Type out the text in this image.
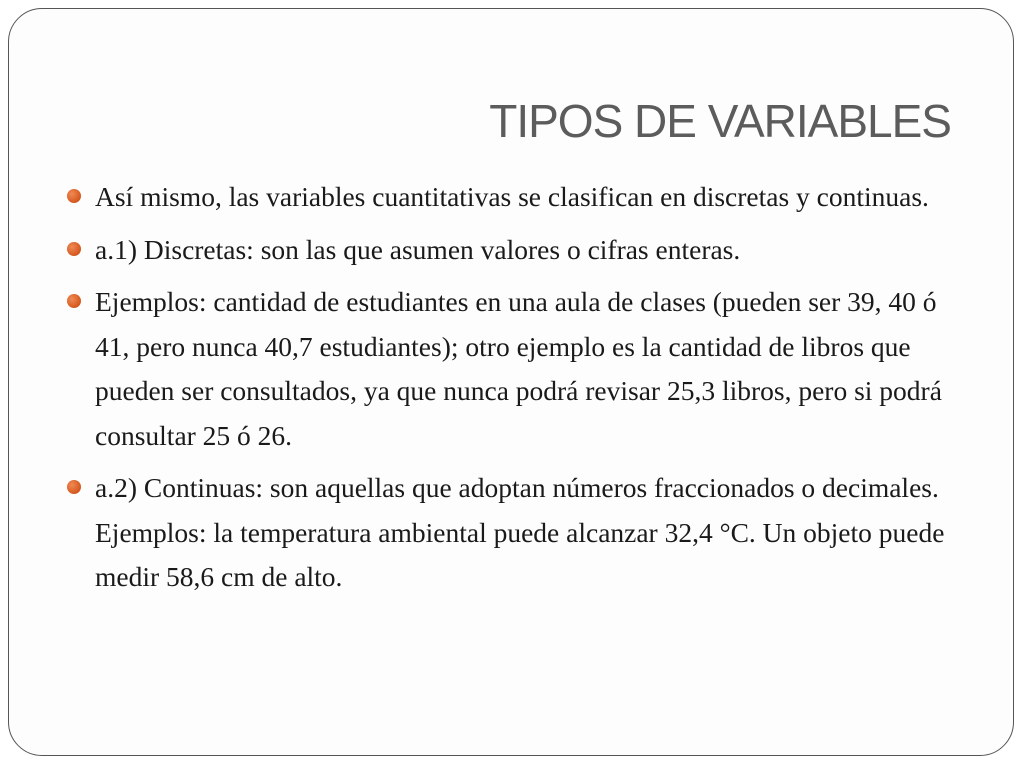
TIPOS DE VARIABLES
Así mismo, las variables cuantitativas se clasifican en discretas y continuas.
a.1) Discretas: son las que asumen valores o cifras enteras.
Ejemplos: cantidad de estudiantes en una aula de clases (pueden ser 39, 40 ó 41, pero nunca 40,7 estudiantes); otro ejemplo es la cantidad de libros que pueden ser consultados, ya que nunca podrá revisar 25,3 libros, pero si podrá consultar 25 ó 26.
a.2) Continuas: son aquellas que adoptan números fraccionados o decimales. Ejemplos: la temperatura ambiental puede alcanzar 32,4 °C. Un objeto puede medir 58,6 cm de alto.
